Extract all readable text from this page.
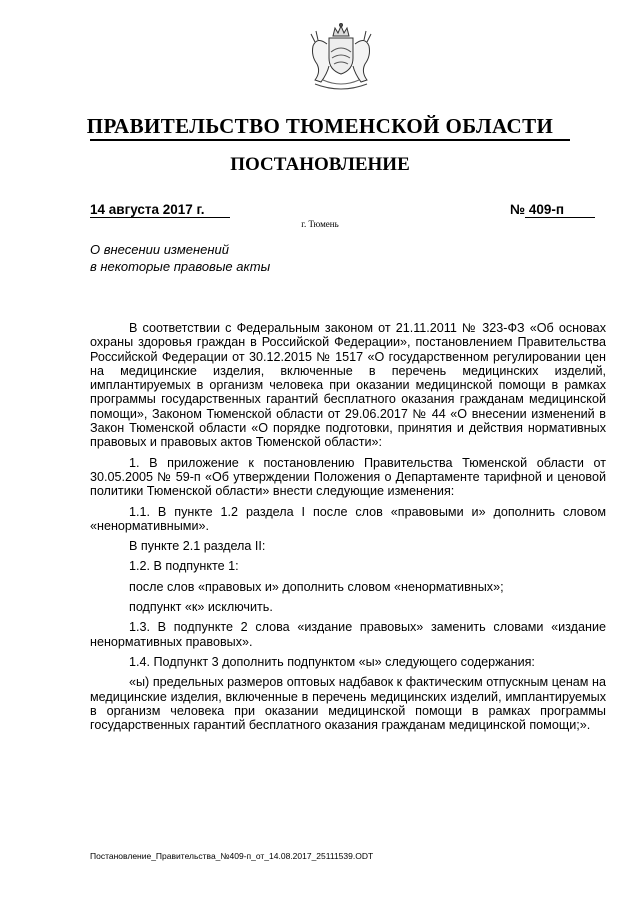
ПРАВИТЕЛЬСТВО ТЮМЕНСКОЙ ОБЛАСТИ
ПОСТАНОВЛЕНИЕ
14 августа 2017 г.	№ 409-п
г. Тюмень
О внесении изменений
в некоторые правовые акты

В соответствии с Федеральным законом от 21.11.2011 № 323-ФЗ «Об основах охраны здоровья граждан в Российской Федерации», постановлением Правительства Российской Федерации от 30.12.2015 № 1517 «О государственном регулировании цен на медицинские изделия, включенные в перечень медицинских изделий, имплантируемых в организм человека при оказании медицинской помощи в рамках программы государственных гарантий бесплатного оказания гражданам медицинской помощи», Законом Тюменской области от 29.06.2017 № 44 «О внесении изменений в Закон Тюменской области «О порядке подготовки, принятия и действия нормативных правовых и правовых актов Тюменской области»:

1. В приложение к постановлению Правительства Тюменской области от 30.05.2005 № 59-п «Об утверждении Положения о Департаменте тарифной и ценовой политики Тюменской области» внести следующие изменения:

1.1. В пункте 1.2 раздела I после слов «правовыми и» дополнить словом «ненормативными».

В пункте 2.1 раздела II:

1.2. В подпункте 1:

после слов «правовых и» дополнить словом «ненормативных»;

подпункт «к» исключить.

1.3. В подпункте 2 слова «издание правовых» заменить словами «издание ненормативных правовых».

1.4. Подпункт 3 дополнить подпунктом «ы» следующего содержания:

«ы) предельных размеров оптовых надбавок к фактическим отпускным ценам на медицинские изделия, включенные в перечень медицинских изделий, имплантируемых в организм человека при оказании медицинской помощи в рамках программы государственных гарантий бесплатного оказания гражданам медицинской помощи;».

Постановление_Правительства_№409-п_от_14.08.2017_25111539.ODT
